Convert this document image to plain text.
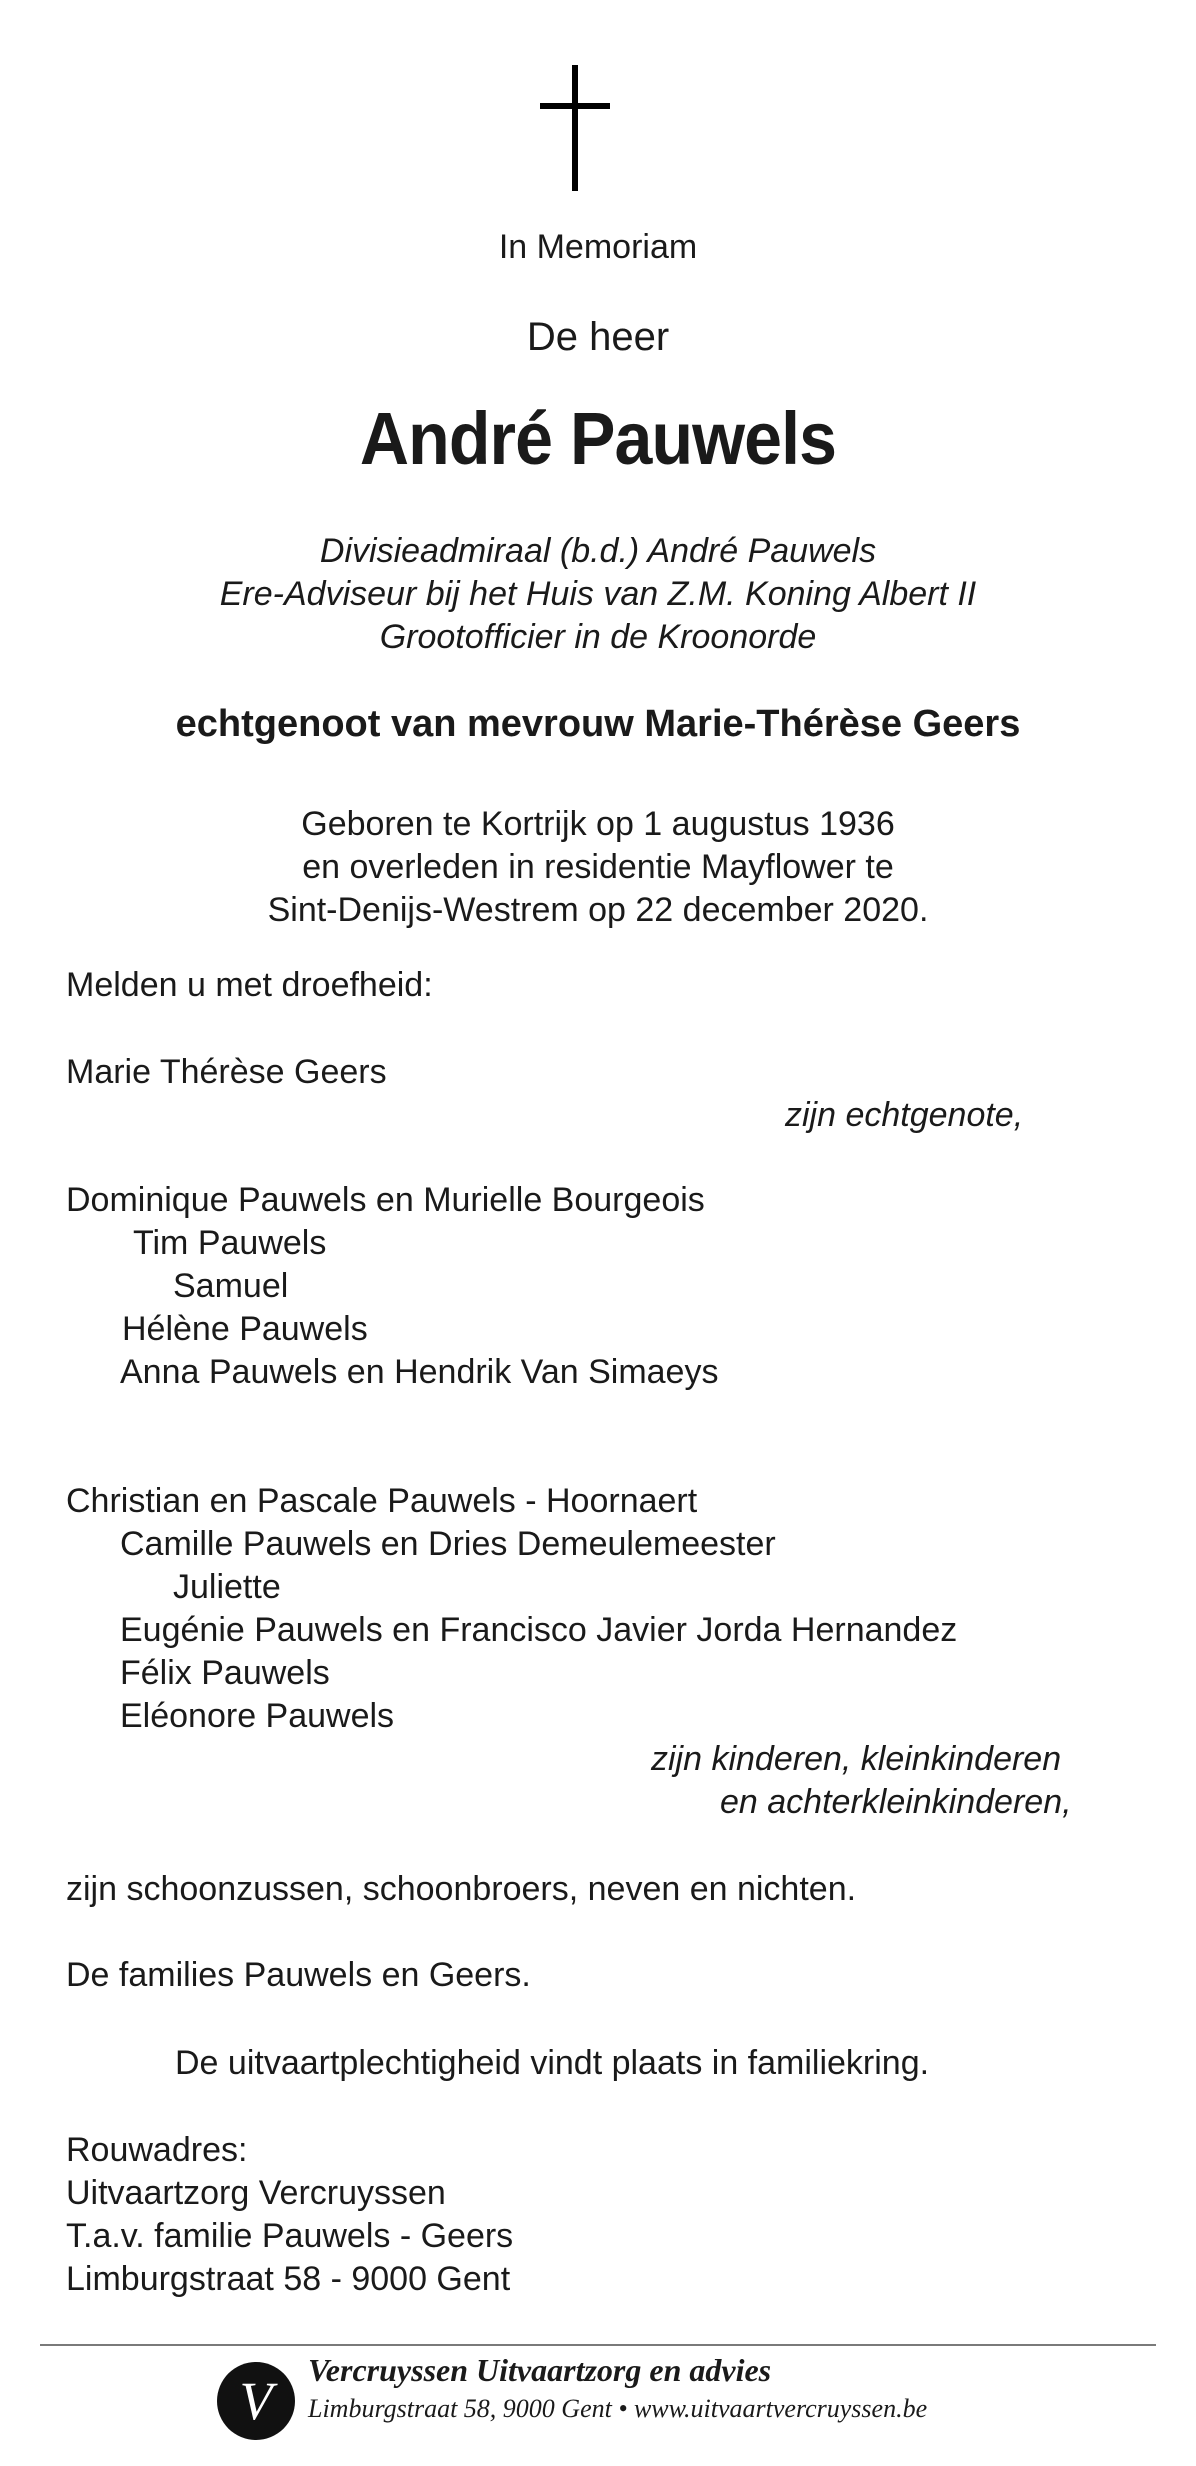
In Memoriam
De heer
André Pauwels
Divisieadmiraal (b.d.) André Pauwels
Ere-Adviseur bij het Huis van Z.M. Koning Albert II
Grootofficier in de Kroonorde
echtgenoot van mevrouw Marie-Thérèse Geers
Geboren te Kortrijk op 1 augustus 1936
en overleden in residentie Mayflower te
Sint-Denijs-Westrem op 22 december 2020.
Melden u met droefheid:
Marie Thérèse Geers
zijn echtgenote,
Dominique Pauwels en Murielle Bourgeois
Tim Pauwels
Samuel
Hélène Pauwels
Anna Pauwels en Hendrik Van Simaeys
Christian en Pascale Pauwels - Hoornaert
Camille Pauwels en Dries Demeulemeester
Juliette
Eugénie Pauwels en Francisco Javier Jorda Hernandez
Félix Pauwels
Eléonore Pauwels
zijn kinderen, kleinkinderen
en achterkleinkinderen,
zijn schoonzussen, schoonbroers, neven en nichten.
De families Pauwels en Geers.
De uitvaartplechtigheid vindt plaats in familiekring.
Rouwadres:
Uitvaartzorg Vercruyssen
T.a.v. familie Pauwels - Geers
Limburgstraat 58 - 9000 Gent
V
Vercruyssen Uitvaartzorg en advies
Limburgstraat 58, 9000 Gent • www.uitvaartvercruyssen.be
